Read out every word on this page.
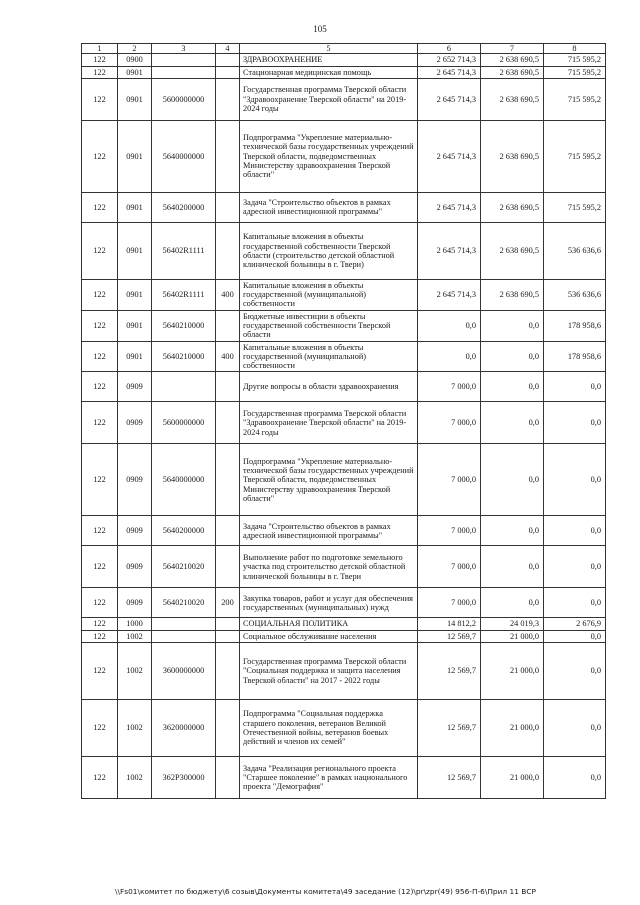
105
1	2	3	4	5	6	7	8
122	0900			ЗДРАВООХРАНЕНИЕ	2 652 714,3	2 638 690,5	715 595,2
122	0901			Стационарная медицинская помощь	2 645 714,3	2 638 690,5	715 595,2
122	0901	5600000000		Государственная программа Тверской области "Здравоохранение Тверской области" на 2019-2024 годы	2 645 714,3	2 638 690,5	715 595,2
122	0901	5640000000		Подпрограмма "Укрепление материально-технической базы государственных учреждений Тверской области, подведомственных Министерству здравоохранения Тверской области"	2 645 714,3	2 638 690,5	715 595,2
122	0901	5640200000		Задача "Строительство объектов в рамках адресной инвестиционной программы"	2 645 714,3	2 638 690,5	715 595,2
122	0901	56402R1111		Капитальные вложения в объекты государственной собственности Тверской области (строительство детской областной клинической больницы в г. Твери)	2 645 714,3	2 638 690,5	536 636,6
122	0901	56402R1111	400	Капитальные вложения в объекты государственной (муниципальной) собственности	2 645 714,3	2 638 690,5	536 636,6
122	0901	5640210000		Бюджетные инвестиции в объекты государственной собственности Тверской области	0,0	0,0	178 958,6
122	0901	5640210000	400	Капитальные вложения в объекты государственной (муниципальной) собственности	0,0	0,0	178 958,6
122	0909			Другие вопросы в области здравоохранения	7 000,0	0,0	0,0
122	0909	5600000000		Государственная программа Тверской области "Здравоохранение Тверской области" на 2019-2024 годы	7 000,0	0,0	0,0
122	0909	5640000000		Подпрограмма "Укрепление материально-технической базы государственных учреждений Тверской области, подведомственных Министерству здравоохранения Тверской области"	7 000,0	0,0	0,0
122	0909	5640200000		Задача "Строительство объектов в рамках адресной инвестиционной программы"	7 000,0	0,0	0,0
122	0909	5640210020		Выполнение работ по подготовке земельного участка под строительство детской областной клинической больницы в г. Твери	7 000,0	0,0	0,0
122	0909	5640210020	200	Закупка товаров, работ и услуг для обеспечения государственных (муниципальных) нужд	7 000,0	0,0	0,0
122	1000			СОЦИАЛЬНАЯ ПОЛИТИКА	14 812,2	24 019,3	2 676,9
122	1002			Социальное обслуживание населения	12 569,7	21 000,0	0,0
122	1002	3600000000		Государственная программа Тверской области "Социальная поддержка и защита населения Тверской области" на 2017 - 2022 годы	12 569,7	21 000,0	0,0
122	1002	3620000000		Подпрограмма "Социальная поддержка старшего поколения, ветеранов Великой Отечественной войны, ветеранов боевых действий и членов их семей"	12 569,7	21 000,0	0,0
122	1002	362P300000		Задача "Реализация регионального проекта "Старшее поколение" в рамках национального проекта "Демография"	12 569,7	21 000,0	0,0
\\Fs01\комитет по бюджету\6 созыв\Документы комитета\49 заседание (12)\pr\zpr(49) 956-П-6\Прил 11 ВСР
